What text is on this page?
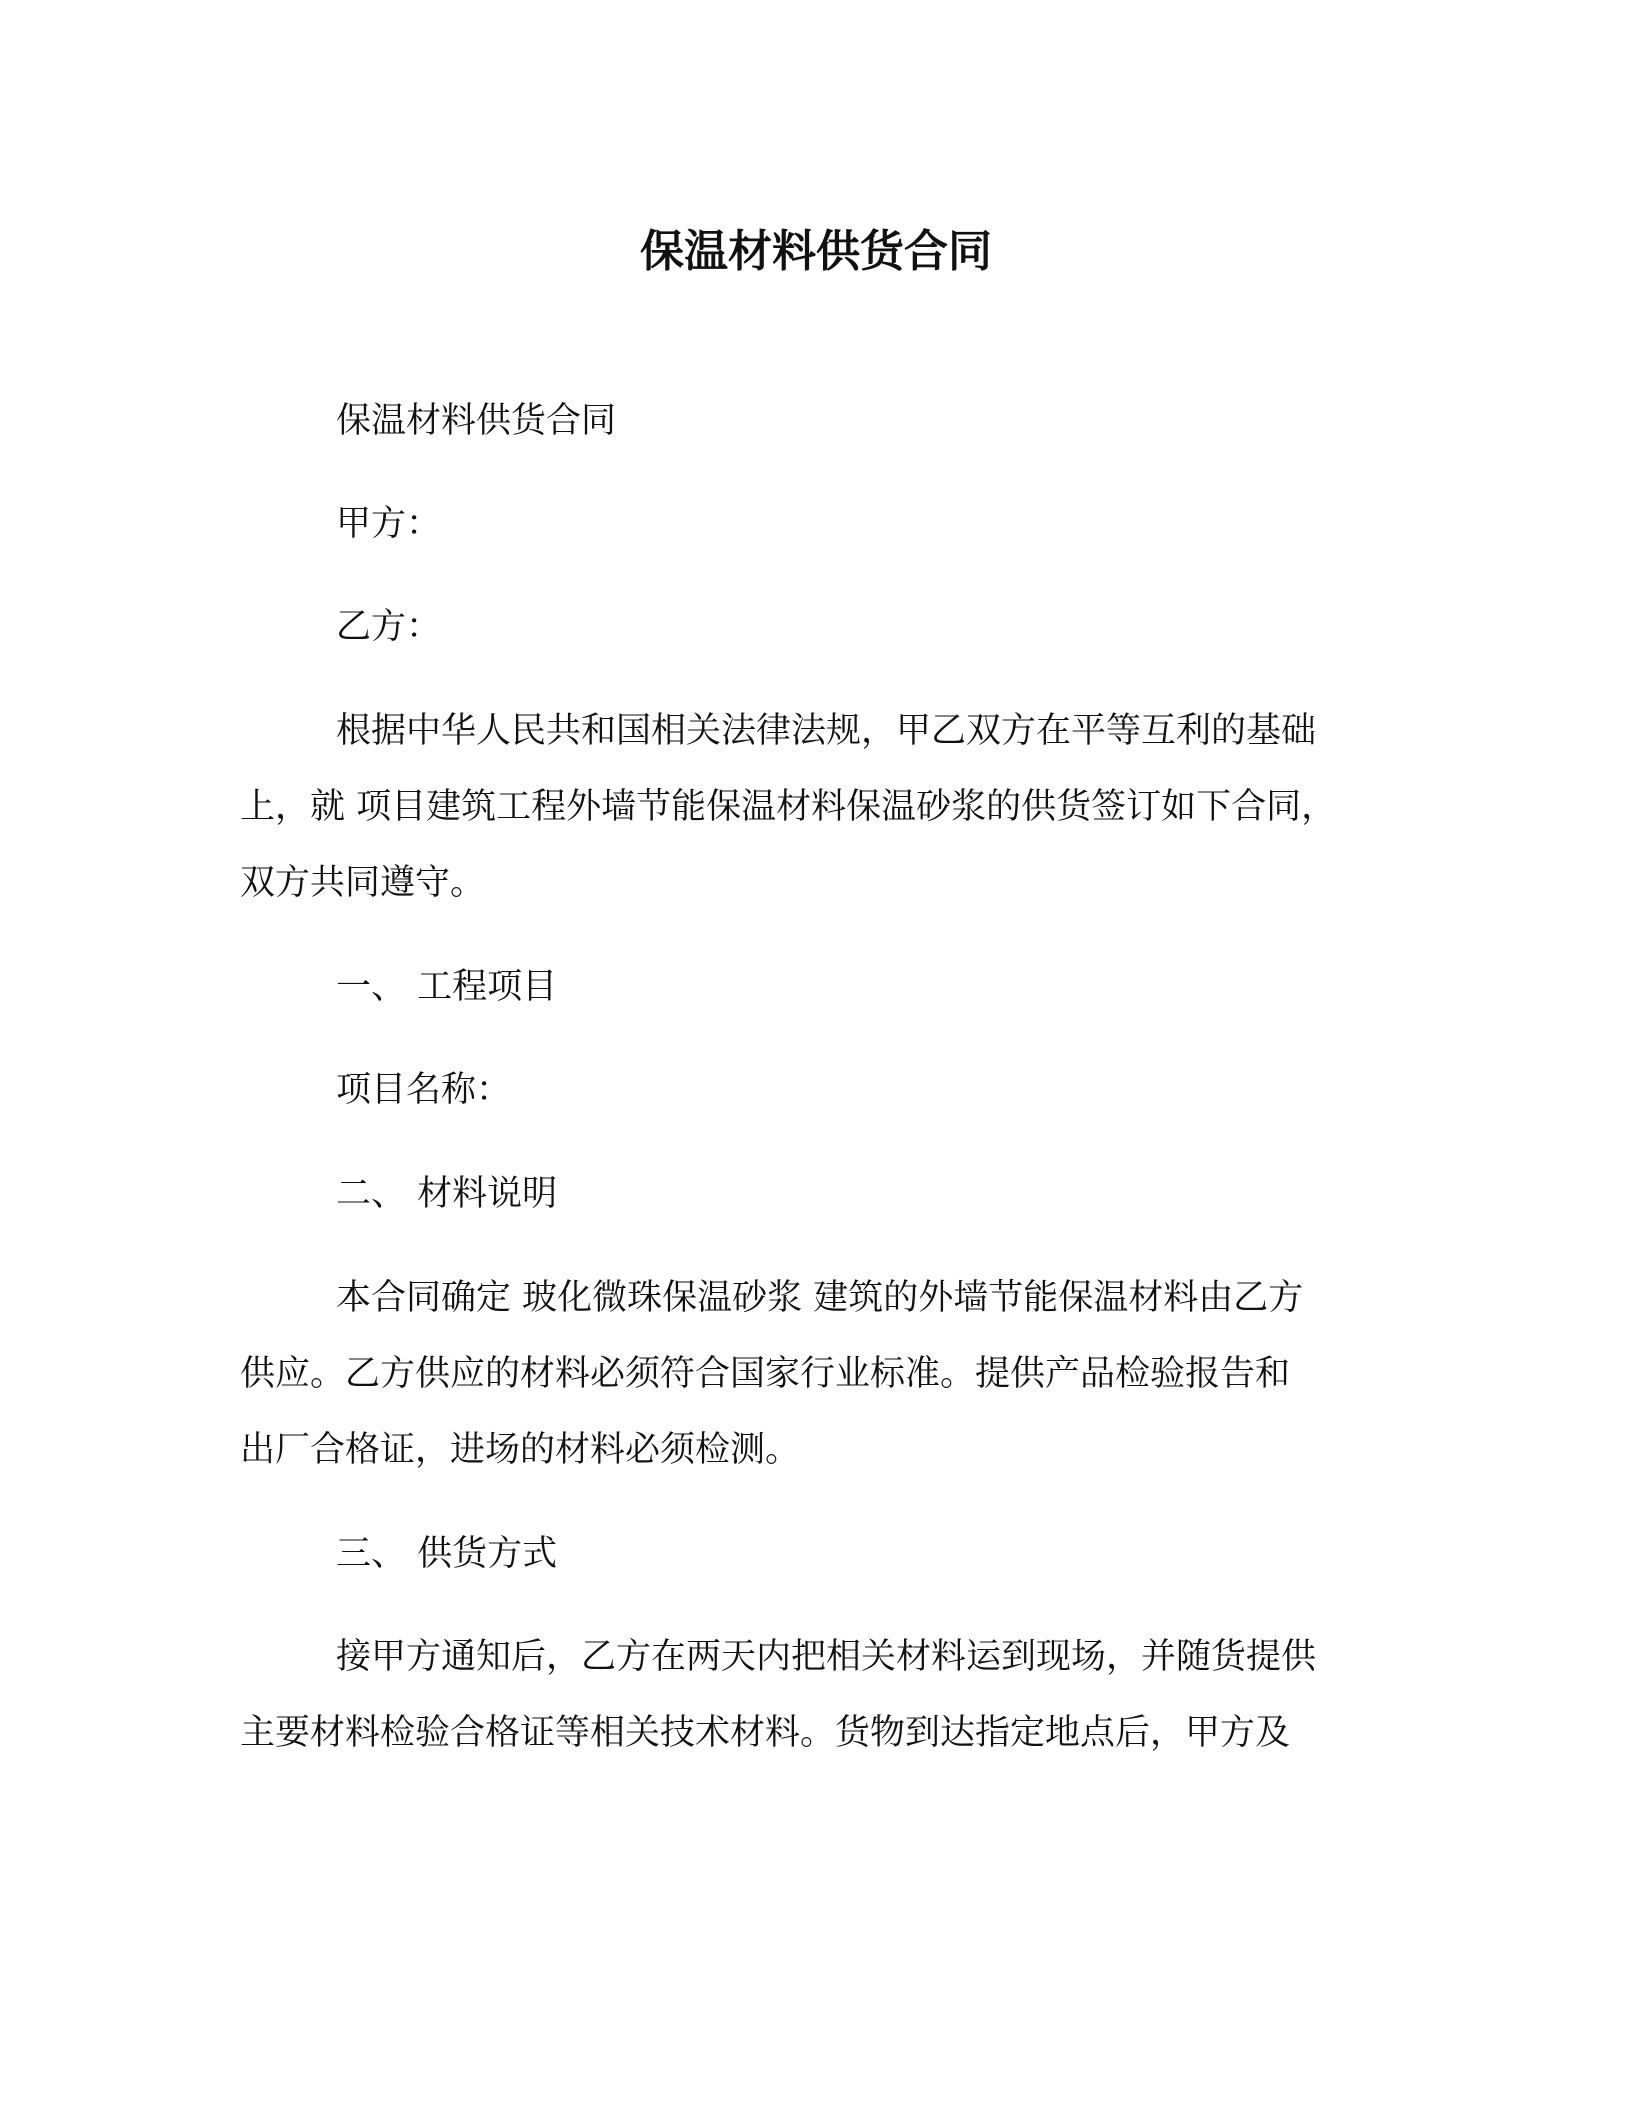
保温材料供货合同
保温材料供货合同
甲方：
乙方：
根据中华人民共和国相关法律法规，甲乙双方在平等互利的基础
上，就 项目建筑工程外墙节能保温材料保温砂浆的供货签订如下合同，
双方共同遵守。
一、 工程项目
项目名称：
二、 材料说明
本合同确定 玻化微珠保温砂浆 建筑的外墙节能保温材料由乙方
供应。乙方供应的材料必须符合国家行业标准。提供产品检验报告和
出厂合格证，进场的材料必须检测。
三、 供货方式
接甲方通知后，乙方在两天内把相关材料运到现场，并随货提供
主要材料检验合格证等相关技术材料。货物到达指定地点后，甲方及
